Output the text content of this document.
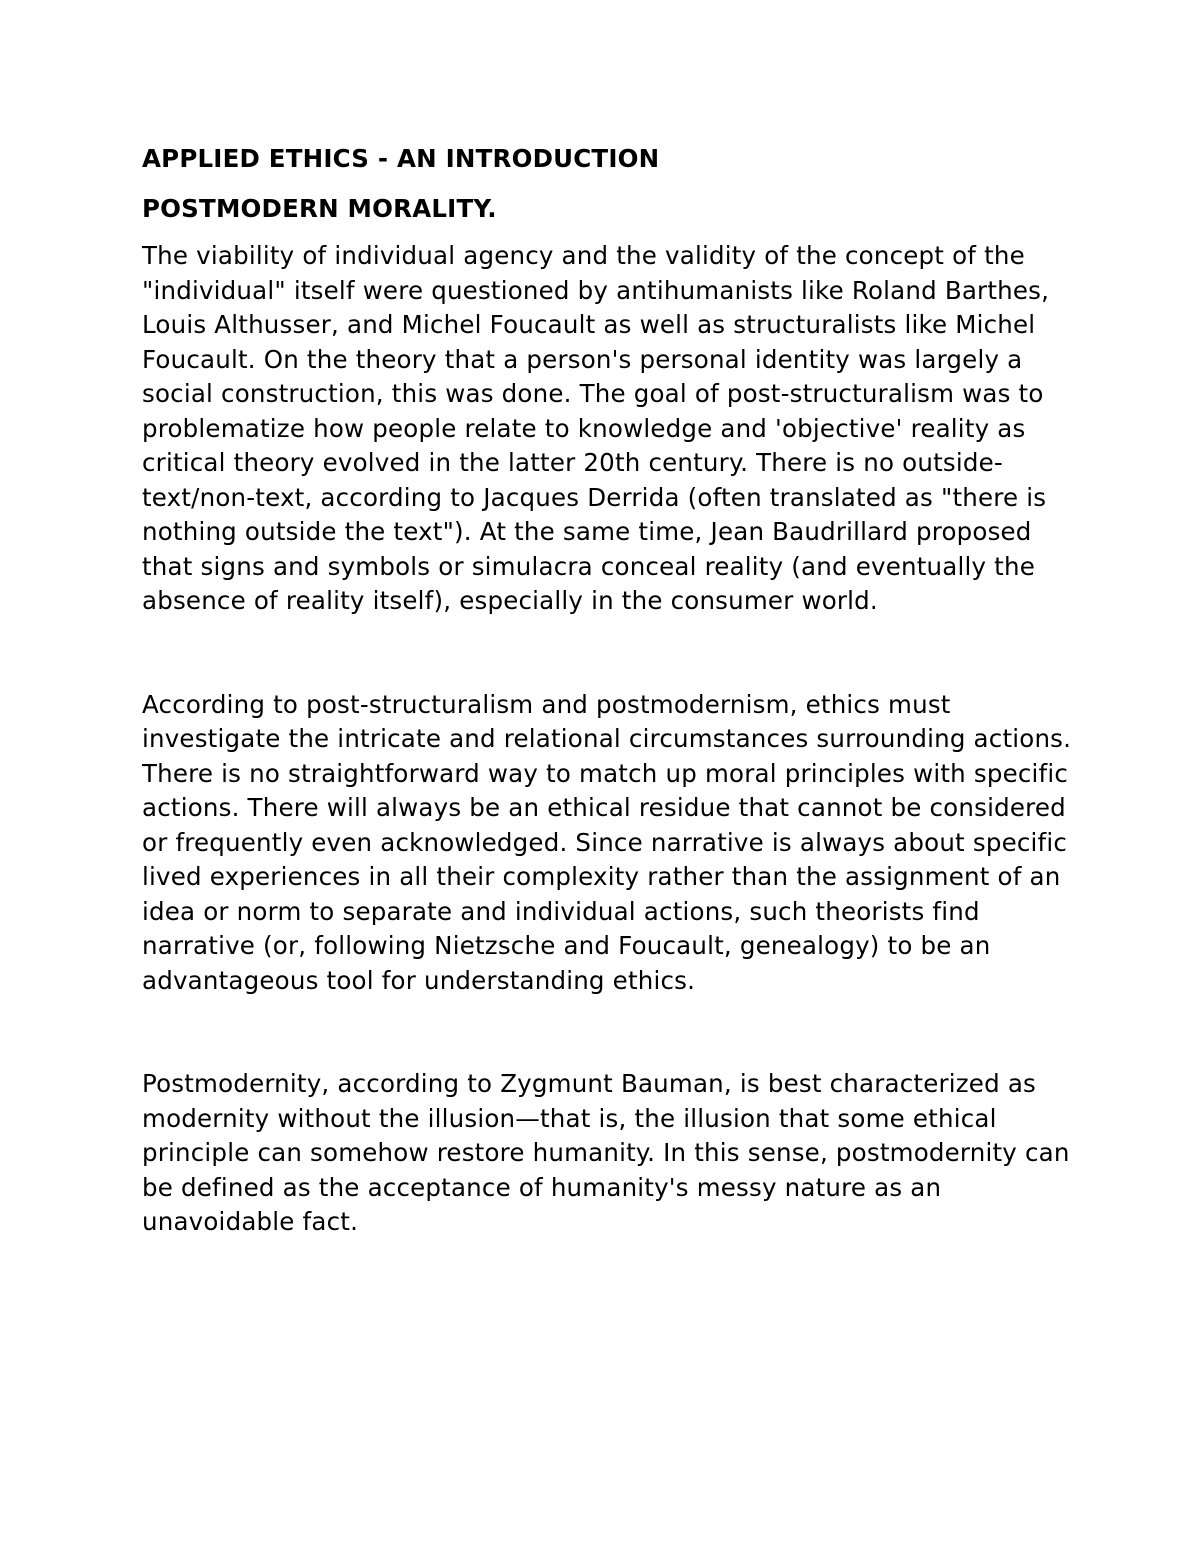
APPLIED ETHICS - AN INTRODUCTION

POSTMODERN MORALITY.

The viability of individual agency and the validity of the concept of the "individual" itself were questioned by antihumanists like Roland Barthes, Louis Althusser, and Michel Foucault as well as structuralists like Michel Foucault. On the theory that a person's personal identity was largely a social construction, this was done. The goal of post-structuralism was to problematize how people relate to knowledge and 'objective' reality as critical theory evolved in the latter 20th century. There is no outside-text/non-text, according to Jacques Derrida (often translated as "there is nothing outside the text"). At the same time, Jean Baudrillard proposed that signs and symbols or simulacra conceal reality (and eventually the absence of reality itself), especially in the consumer world.

According to post-structuralism and postmodernism, ethics must investigate the intricate and relational circumstances surrounding actions. There is no straightforward way to match up moral principles with specific actions. There will always be an ethical residue that cannot be considered or frequently even acknowledged. Since narrative is always about specific lived experiences in all their complexity rather than the assignment of an idea or norm to separate and individual actions, such theorists find narrative (or, following Nietzsche and Foucault, genealogy) to be an advantageous tool for understanding ethics.

Postmodernity, according to Zygmunt Bauman, is best characterized as modernity without the illusion—that is, the illusion that some ethical principle can somehow restore humanity. In this sense, postmodernity can be defined as the acceptance of humanity's messy nature as an unavoidable fact.
